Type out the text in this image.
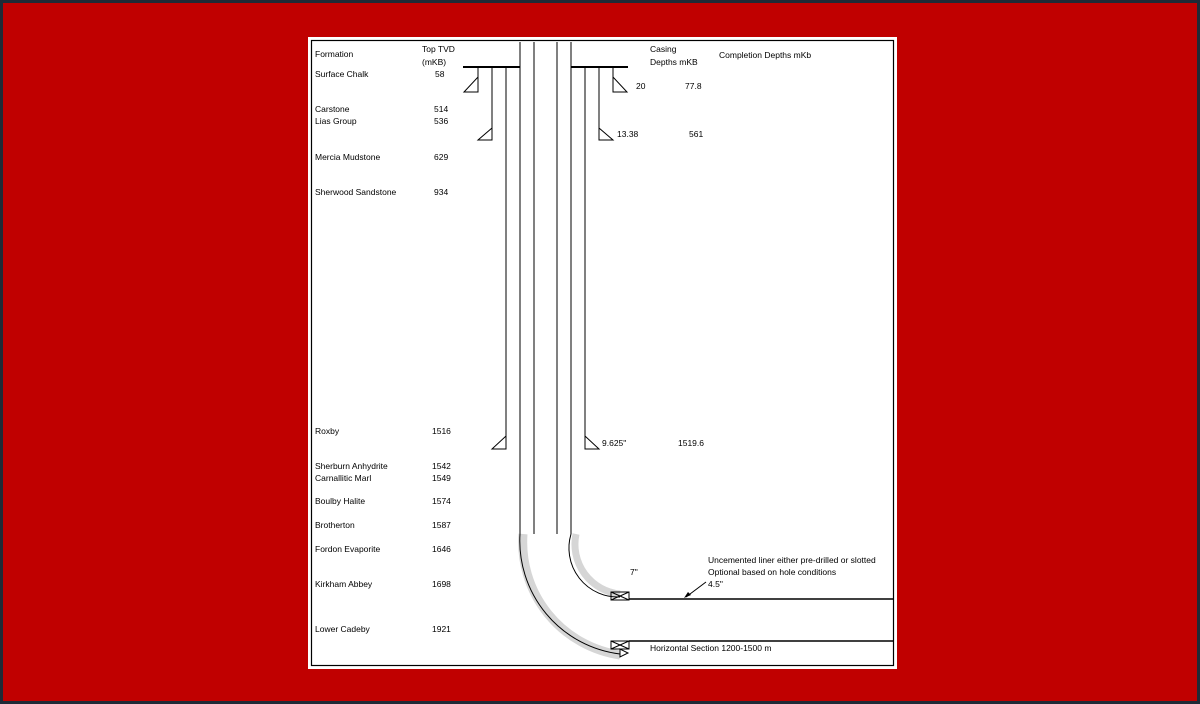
Formation	Top TVD
(mKB)
Casing
Depths mKB
Completion Depths mKb
Surface Chalk	58
Carstone	514
Lias Group	536
Mercia Mudstone	629
Sherwood Sandstone	934
Roxby	1516
Sherburn Anhydrite	1542
Carnallitic Marl	1549
Boulby Halite	1574
Brotherton	1587
Fordon Evaporite	1646
Kirkham Abbey	1698
Lower Cadeby	1921
20	77.8
13.38	561
9.625"	1519.6
7"
Uncemented liner either pre-drilled or slotted
Optional based on hole conditions
4.5"
Horizontal Section 1200-1500 m
